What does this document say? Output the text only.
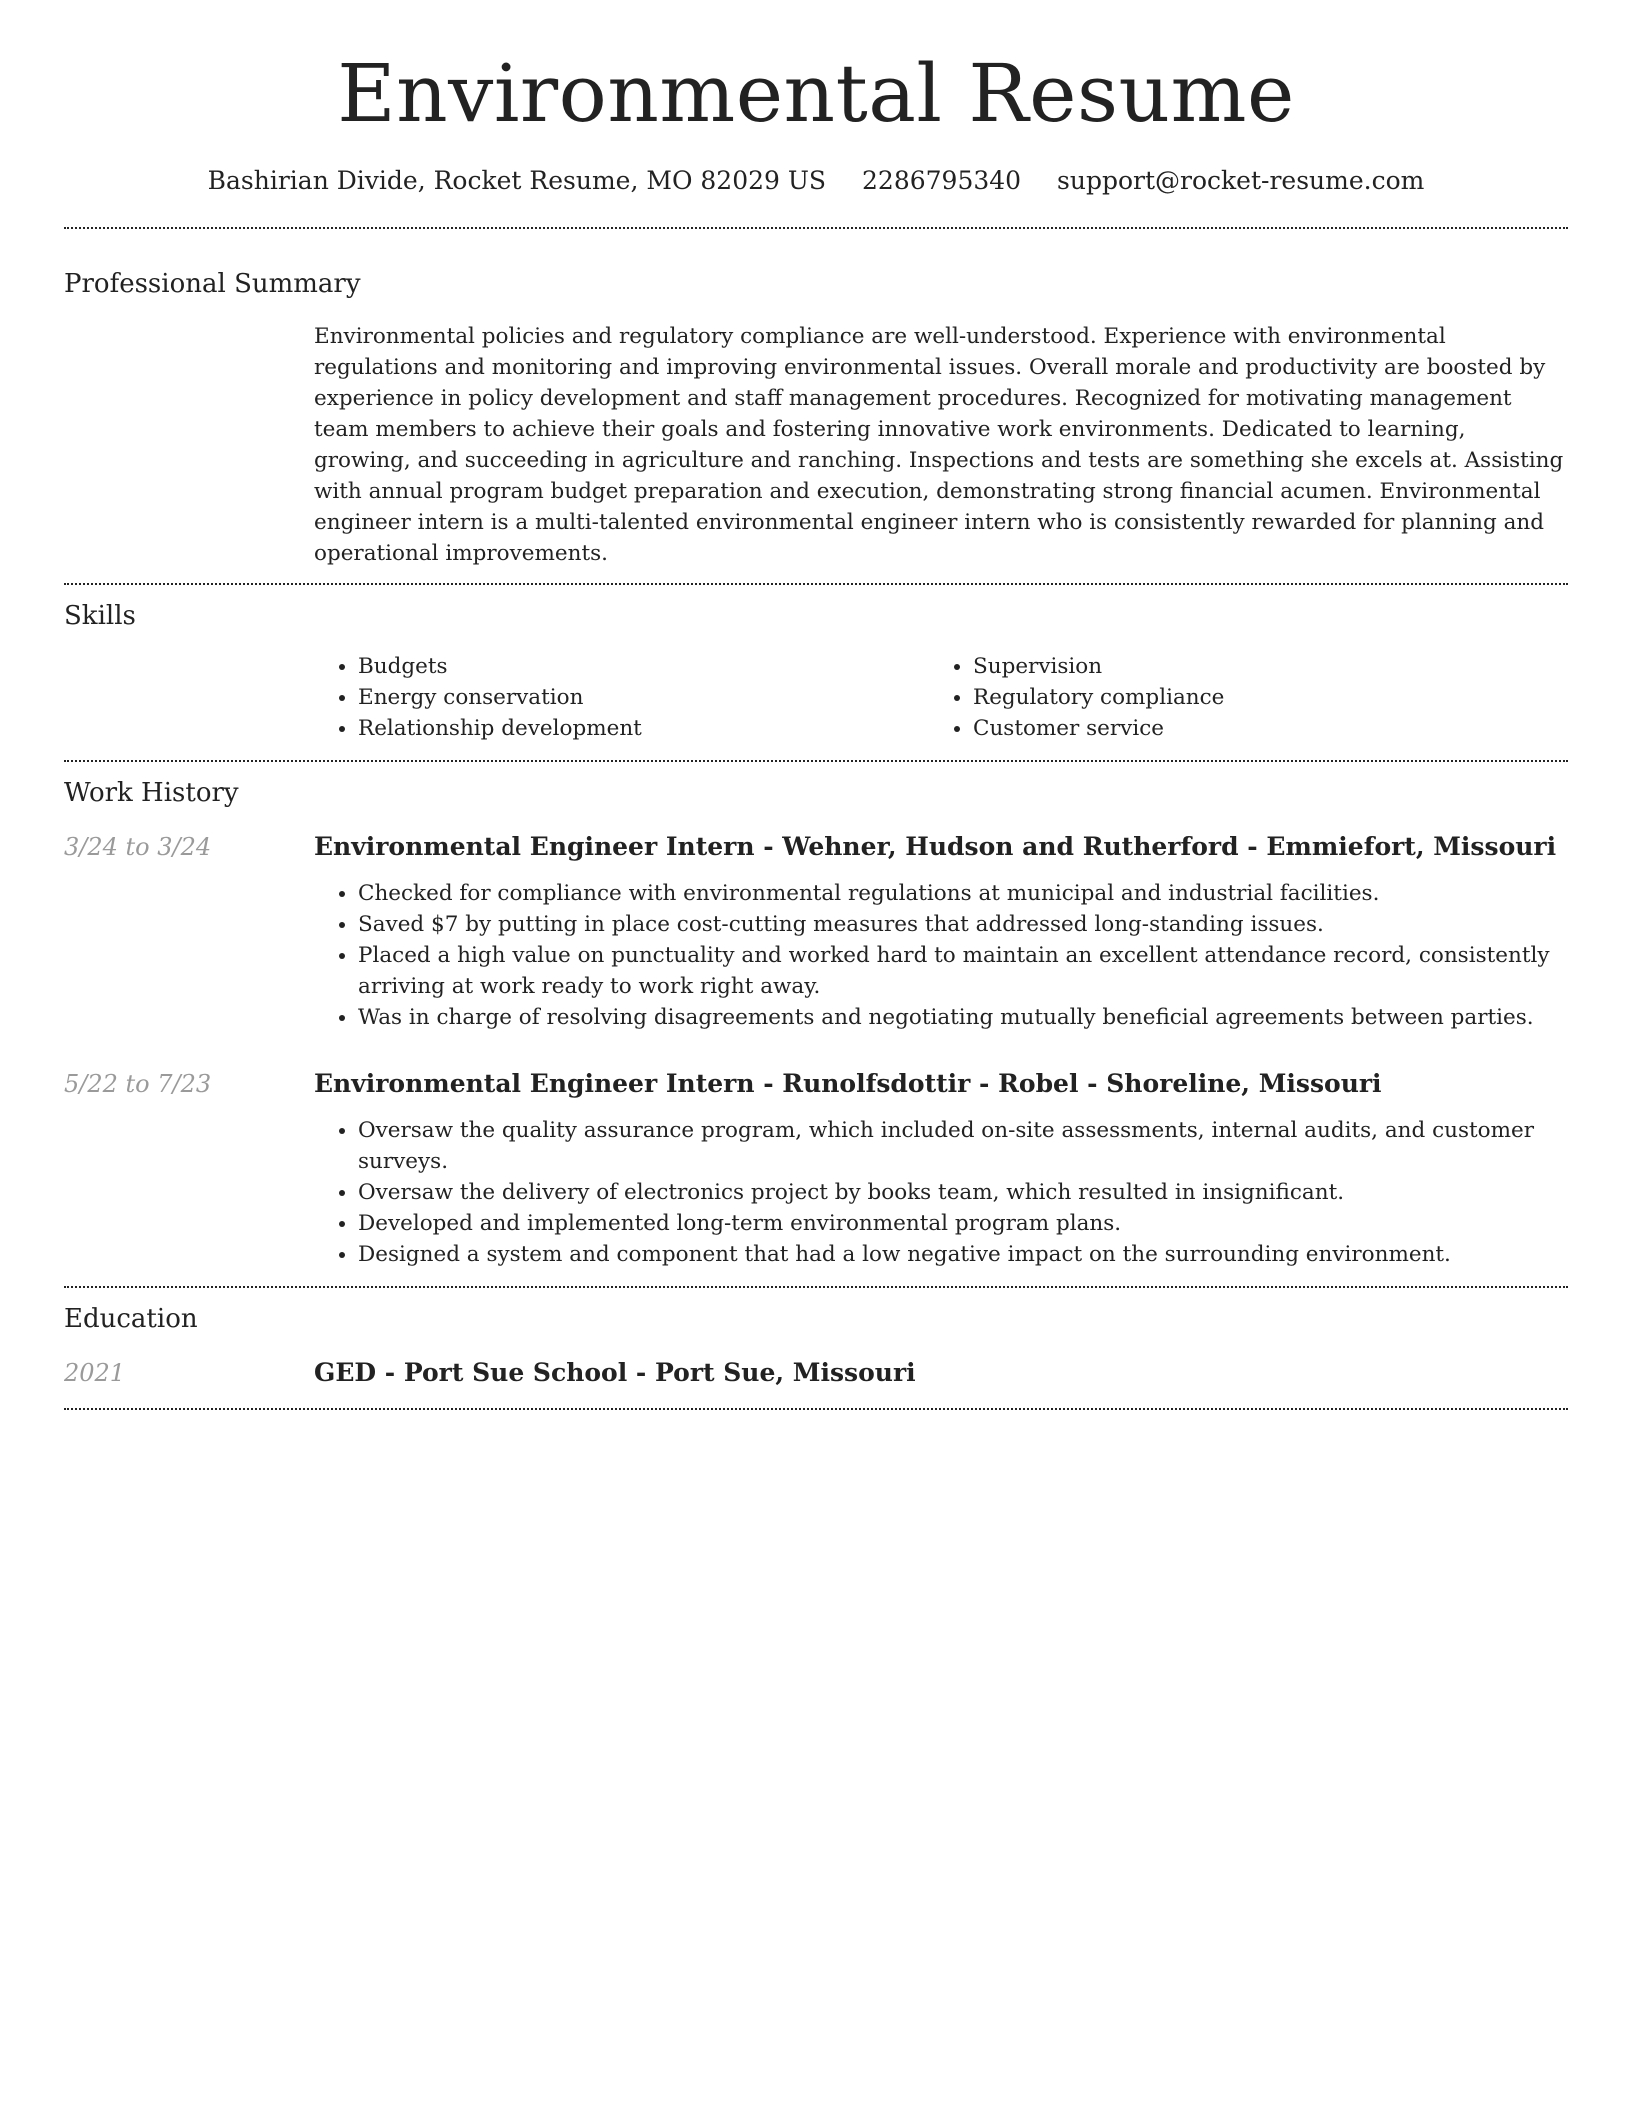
Environmental Resume
Bashirian Divide, Rocket Resume, MO 82029 US 2286795340 support@rocket-resume.com
Professional Summary

Environmental policies and regulatory compliance are well-understood. Experience with environmental regulations and monitoring and improving environmental issues. Overall morale and productivity are boosted by experience in policy development and staff management procedures. Recognized for motivating management team members to achieve their goals and fostering innovative work environments. Dedicated to learning, growing, and succeeding in agriculture and ranching. Inspections and tests are something she excels at. Assisting with annual program budget preparation and execution, demonstrating strong financial acumen. Environmental engineer intern is a multi-talented environmental engineer intern who is consistently rewarded for planning and operational improvements.

Skills
• Budgets
• Energy conservation
• Relationship development
• Supervision
• Regulatory compliance
• Customer service
Work History
3/24 to 3/24	Environmental Engineer Intern - Wehner, Hudson and Rutherford - Emmiefort, Missouri
• Checked for compliance with environmental regulations at municipal and industrial facilities.
• Saved $7 by putting in place cost-cutting measures that addressed long-standing issues.
• Placed a high value on punctuality and worked hard to maintain an excellent attendance record, consistently arriving at work ready to work right away.
• Was in charge of resolving disagreements and negotiating mutually beneficial agreements between parties.
5/22 to 7/23	Environmental Engineer Intern - Runolfsdottir - Robel - Shoreline, Missouri
• Oversaw the quality assurance program, which included on-site assessments, internal audits, and customer surveys.
• Oversaw the delivery of electronics project by books team, which resulted in insignificant.
• Developed and implemented long-term environmental program plans.
• Designed a system and component that had a low negative impact on the surrounding environment.
Education
2021	GED - Port Sue School - Port Sue, Missouri
